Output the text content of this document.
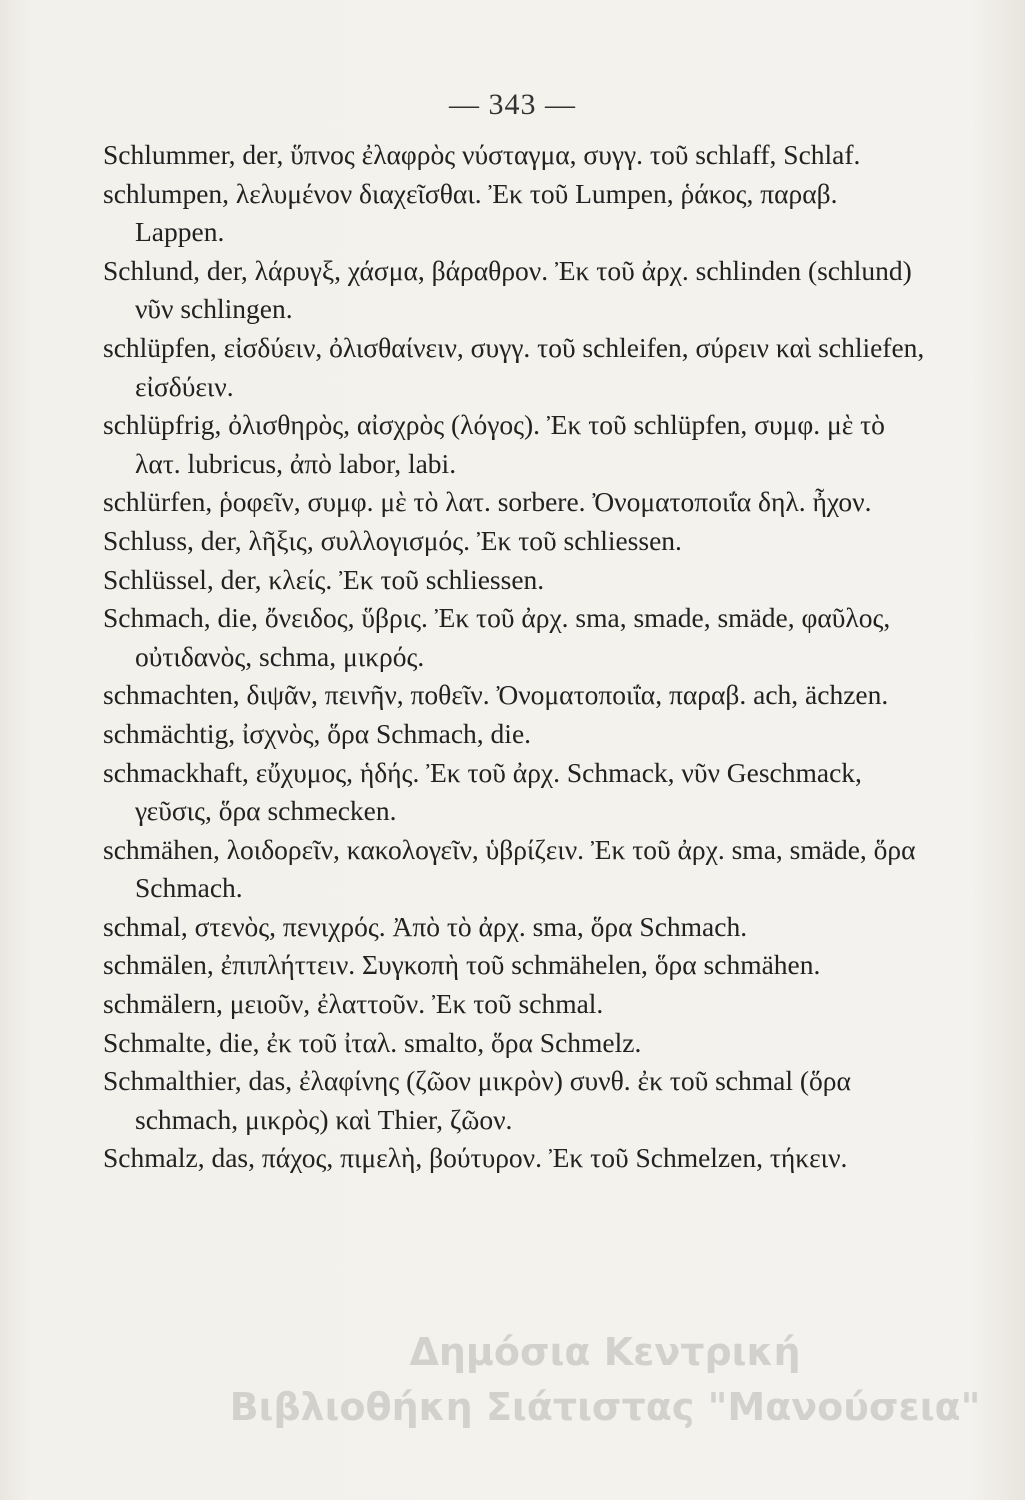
— 343 —
Schlummer, der, ὕπνος ἐλαφρὸς νύσταγμα, συγγ. τοῦ schlaff, Schlaf.
schlumpen, λελυμένον διαχεῖσθαι. Ἐκ τοῦ Lumpen, ῥάκος, παραβ. Lappen.
Schlund, der, λάρυγξ, χάσμα, βάραθρον. Ἐκ τοῦ ἀρχ. schlinden (schlund) νῦν schlingen.
schlüpfen, εἰσδύειν, ὀλισθαίνειν, συγγ. τοῦ schleifen, σύρειν καὶ schliefen, εἰσδύειν.
schlüpfrig, ὀλισθηρὸς, αἰσχρὸς (λόγος). Ἐκ τοῦ schlüpfen, συμφ. μὲ τὸ λατ. lubricus, ἀπὸ labor, labi.
schlürfen, ῥοφεῖν, συμφ. μὲ τὸ λατ. sorbere. Ὀνοματοποιΐα δηλ. ἦχον.
Schluss, der, λῆξις, συλλογισμός. Ἐκ τοῦ schliessen.
Schlüssel, der, κλείς. Ἐκ τοῦ schliessen.
Schmach, die, ὄνειδος, ὕβρις. Ἐκ τοῦ ἀρχ. sma, smade, smäde, φαῦλος, οὐτιδανὸς, schma, μικρός.
schmachten, διψᾶν, πεινῆν, ποθεῖν. Ὀνοματοποιΐα, παραβ. ach, ächzen.
schmächtig, ἰσχνὸς, ὅρα Schmach, die.
schmackhaft, εὔχυμος, ἡδής. Ἐκ τοῦ ἀρχ. Schmack, νῦν Geschmack, γεῦσις, ὅρα schmecken.
schmähen, λοιδορεῖν, κακολογεῖν, ὑβρίζειν. Ἐκ τοῦ ἀρχ. sma, smäde, ὅρα Schmach.
schmal, στενὸς, πενιχρός. Ἀπὸ τὸ ἀρχ. sma, ὅρα Schmach.
schmälen, ἐπιπλήττειν. Συγκοπὴ τοῦ schmähelen, ὅρα schmähen.
schmälern, μειοῦν, ἐλαττοῦν. Ἐκ τοῦ schmal.
Schmalte, die, ἐκ τοῦ ἰταλ. smalto, ὅρα Schmelz.
Schmalthier, das, ἐλαφίνης (ζῶον μικρὸν) συνθ. ἐκ τοῦ schmal (ὅρα schmach, μικρὸς) καὶ Thier, ζῶον.
Schmalz, das, πάχος, πιμελὴ, βούτυρον. Ἐκ τοῦ Schmelzen, τήκειν.
Δημόσια Κεντρική
Βιβλιοθήκη Σιάτιστας "Μανούσεια"
